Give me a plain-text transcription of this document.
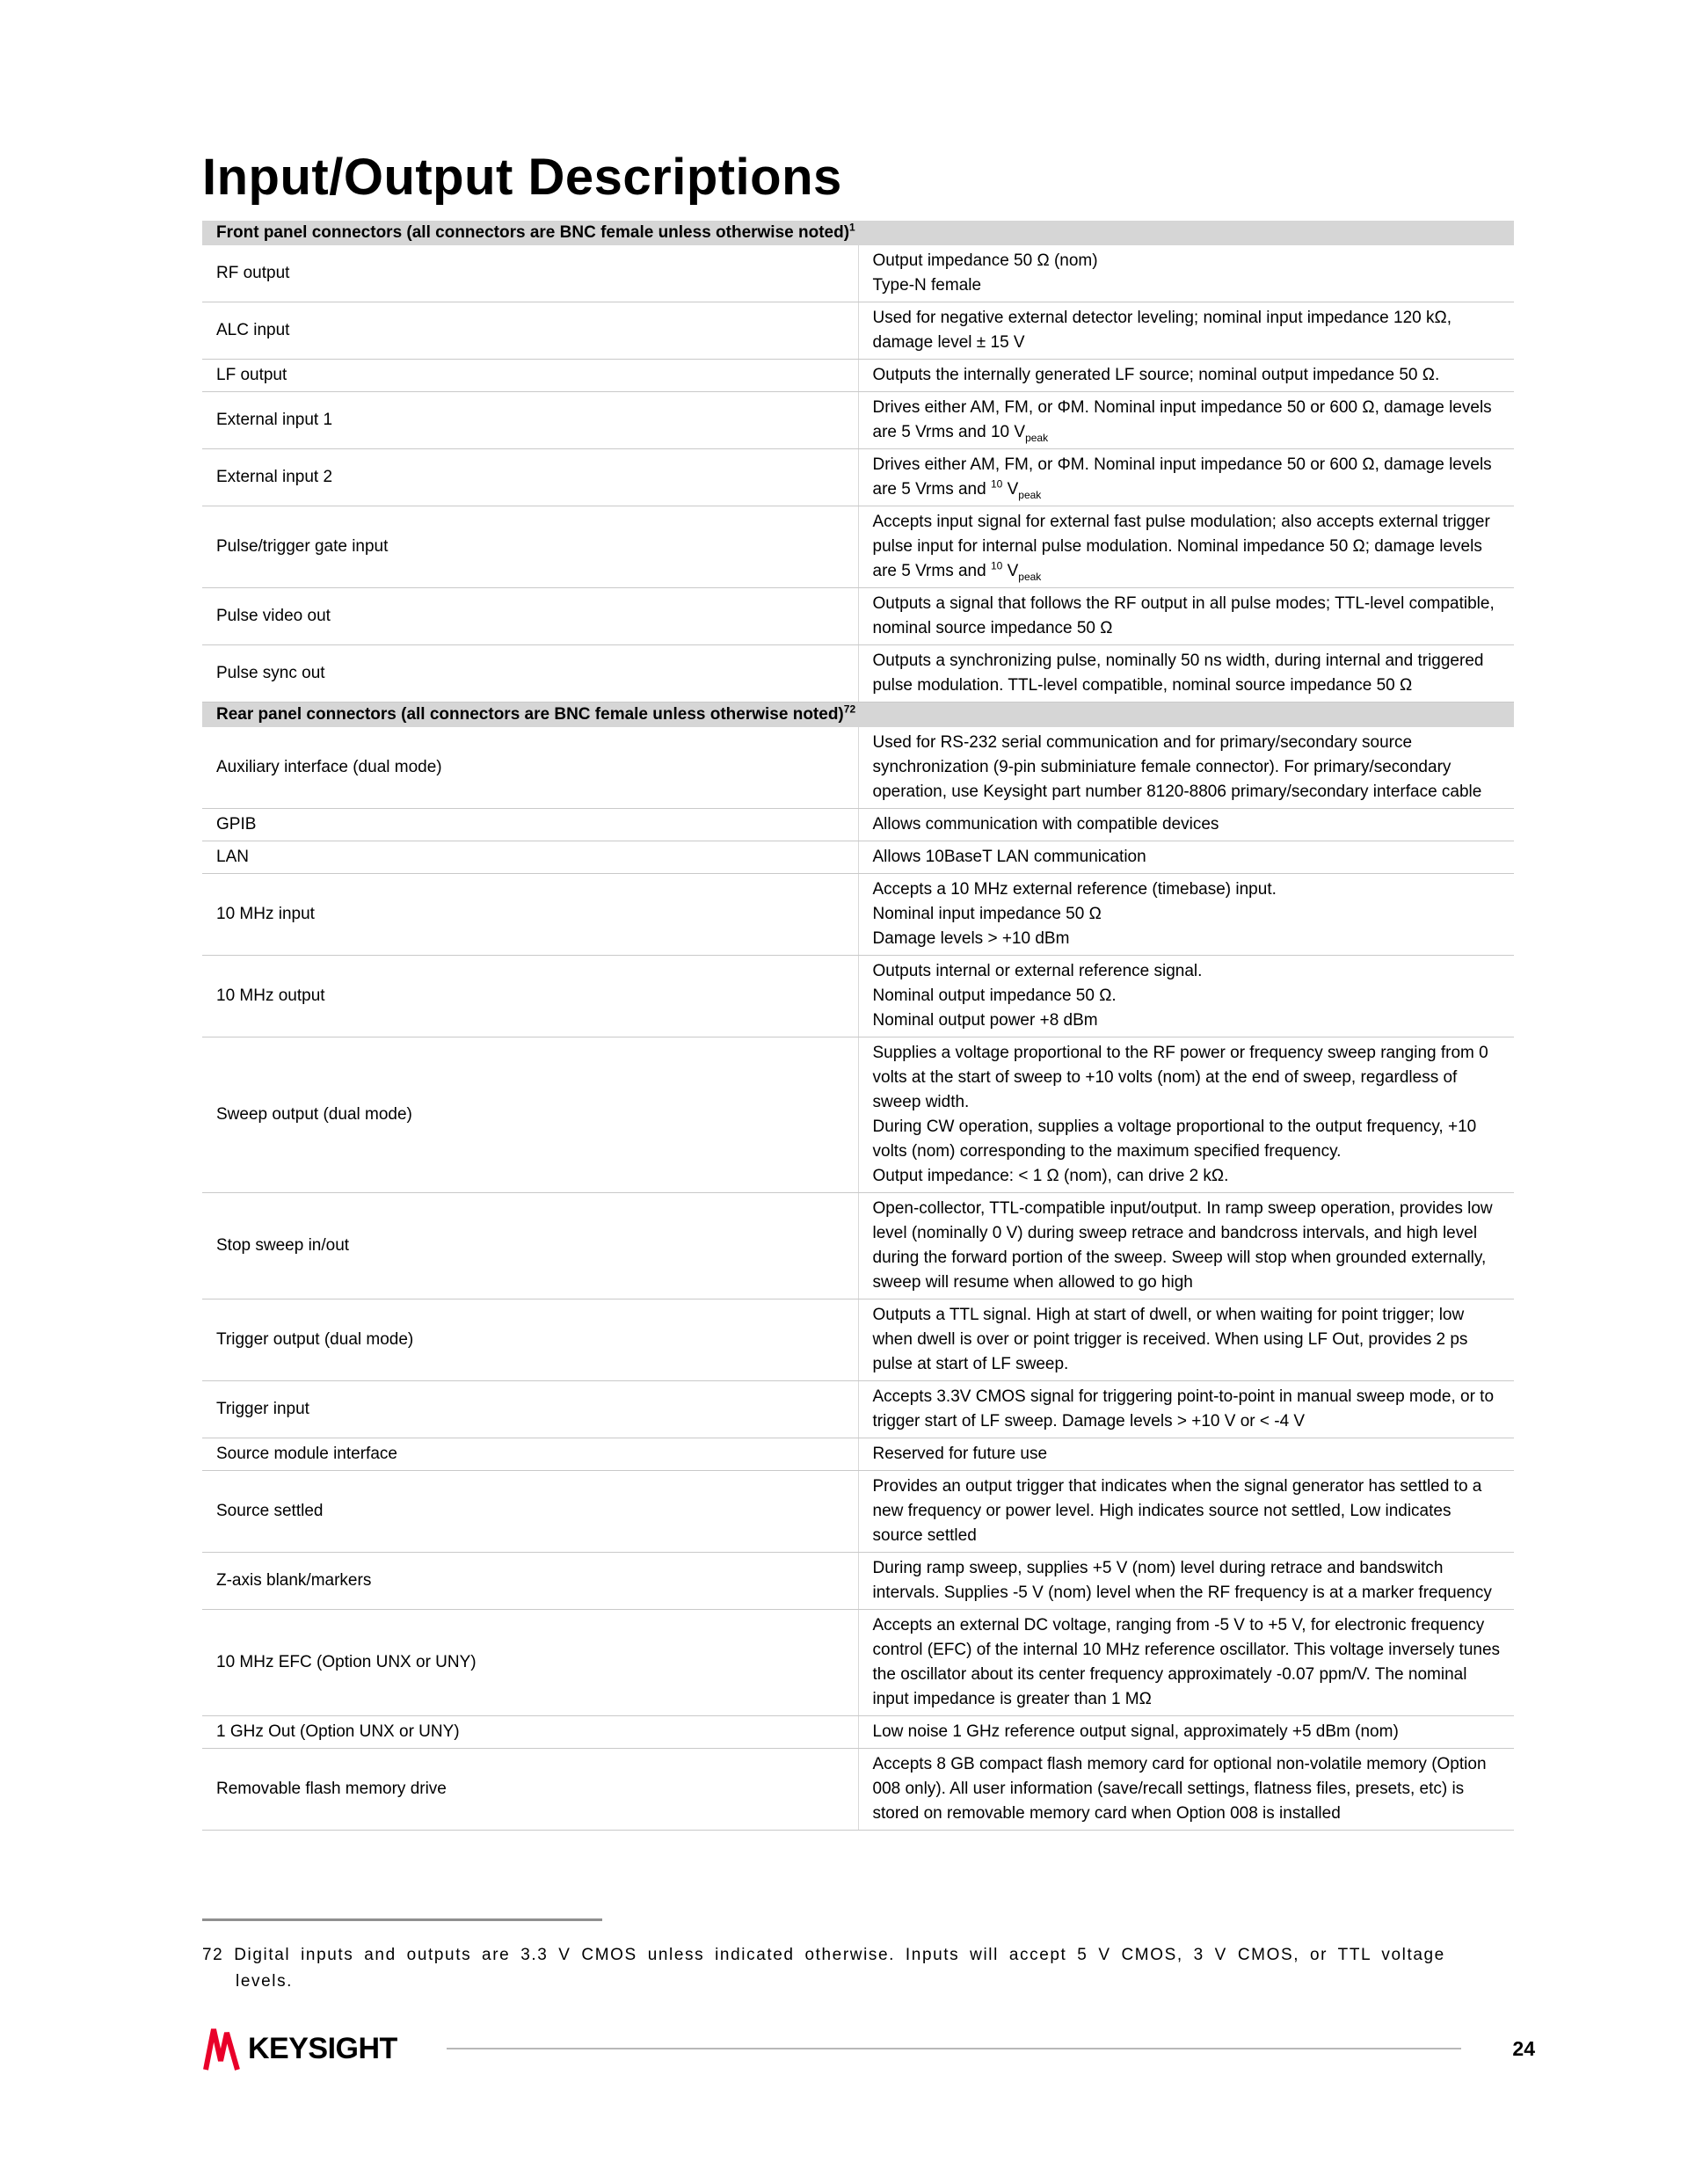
Input/Output Descriptions
Front panel connectors (all connectors are BNC female unless otherwise noted)$^1$
RF output	Output impedance 50 Ω (nom)

Type-N female

ALC input	Used for negative external detector leveling; nominal input impedance 120 kΩ, damage level ± 15 V

LF output	Outputs the internally generated LF source; nominal output impedance 50 Ω.

External input 1	Drives either AM, FM, or ΦM. Nominal input impedance 50 or 600 Ω, damage levels are 5 Vrms and 10 $V_{peak}$

External input 2	Drives either AM, FM, or ΦM. Nominal input impedance 50 or 600 Ω, damage levels are 5 Vrms and $^{10}$ $V_{peak}$

Pulse/trigger gate input	Accepts input signal for external fast pulse modulation; also accepts external trigger pulse input for internal pulse modulation. Nominal impedance 50 Ω; damage levels are 5 Vrms and $^{10}$ $V_{peak}$

Pulse video out	Outputs a signal that follows the RF output in all pulse modes; TTL-level compatible, nominal source impedance 50 Ω

Pulse sync out	Outputs a synchronizing pulse, nominally 50 ns width, during internal and triggered pulse modulation. TTL-level compatible, nominal source impedance 50 Ω

Rear panel connectors (all connectors are BNC female unless otherwise noted)$^{72}$
Auxiliary interface (dual mode)	Used for RS-232 serial communication and for primary/secondary source synchronization (9-pin subminiature female connector). For primary/secondary operation, use Keysight part number 8120-8806 primary/secondary interface cable

GPIB	Allows communication with compatible devices

LAN	Allows 10BaseT LAN communication

10 MHz input	Accepts a 10 MHz external reference (timebase) input.

Nominal input impedance 50 Ω

Damage levels > +10 dBm

10 MHz output	Outputs internal or external reference signal.

Nominal output impedance 50 Ω.

Nominal output power +8 dBm

Sweep output (dual mode)	Supplies a voltage proportional to the RF power or frequency sweep ranging from 0 volts at the start of sweep to +10 volts (nom) at the end of sweep, regardless of sweep width.

During CW operation, supplies a voltage proportional to the output frequency, +10 volts (nom) corresponding to the maximum specified frequency.

Output impedance: < 1 Ω (nom), can drive 2 kΩ.

Stop sweep in/out	Open-collector, TTL-compatible input/output. In ramp sweep operation, provides low level (nominally 0 V) during sweep retrace and bandcross intervals, and high level during the forward portion of the sweep. Sweep will stop when grounded externally, sweep will resume when allowed to go high

Trigger output (dual mode)	Outputs a TTL signal. High at start of dwell, or when waiting for point trigger; low when dwell is over or point trigger is received. When using LF Out, provides 2 ps pulse at start of LF sweep.

Trigger input	Accepts 3.3V CMOS signal for triggering point-to-point in manual sweep mode, or to trigger start of LF sweep. Damage levels > +10 V or < -4 V

Source module interface	Reserved for future use

Source settled	Provides an output trigger that indicates when the signal generator has settled to a new frequency or power level. High indicates source not settled, Low indicates source settled

Z-axis blank/markers	During ramp sweep, supplies +5 V (nom) level during retrace and bandswitch intervals. Supplies -5 V (nom) level when the RF frequency is at a marker frequency

10 MHz EFC (Option UNX or UNY)	Accepts an external DC voltage, ranging from -5 V to +5 V, for electronic frequency control (EFC) of the internal 10 MHz reference oscillator. This voltage inversely tunes the oscillator about its center frequency approximately -0.07 ppm/V. The nominal input impedance is greater than 1 MΩ

1 GHz Out (Option UNX or UNY)	Low noise 1 GHz reference output signal, approximately +5 dBm (nom)

Removable flash memory drive	Accepts 8 GB compact flash memory card for optional non-volatile memory (Option 008 only). All user information (save/recall settings, flatness files, presets, etc) is stored on removable memory card when Option 008 is installed

72 Digital inputs and outputs are 3.3 V CMOS unless indicated otherwise. Inputs will accept 5 V CMOS, 3 V CMOS, or TTL voltage
levels.
KEYSIGHT	24
